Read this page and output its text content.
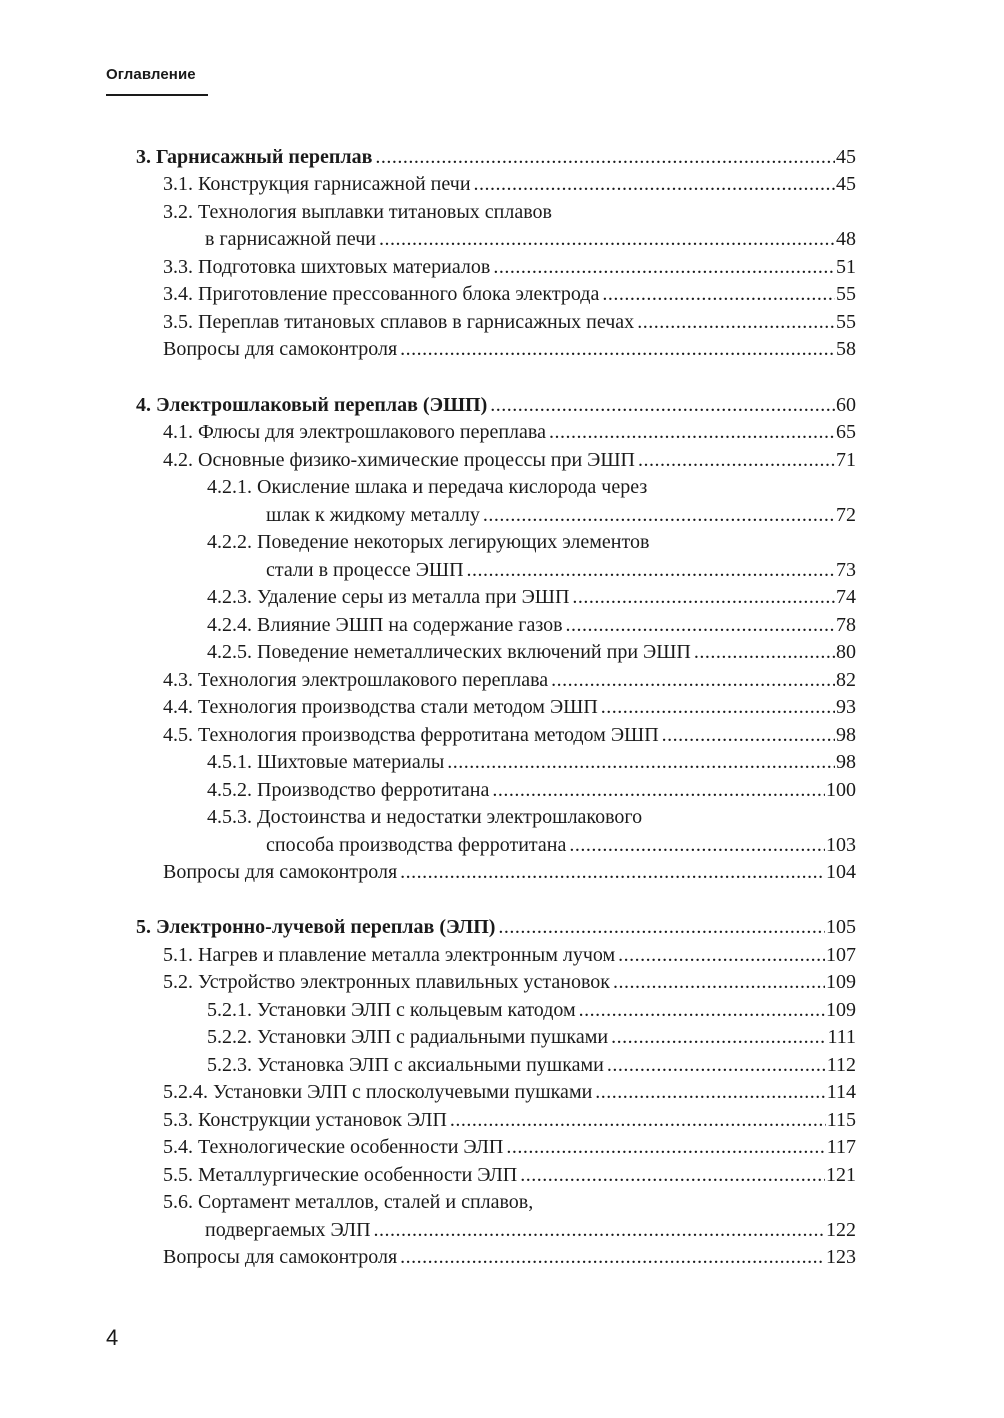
Оглавление
3. Гарнисажный переплав .....	45
3.1. Конструкция гарнисажной печи .....	45
3.2. Технология выплавки титановых сплавов
в гарнисажной печи .....	48
3.3. Подготовка шихтовых материалов .....	51
3.4. Приготовление прессованного блока электрода .....	55
3.5. Переплав титановых сплавов в гарнисажных печах .....	55
Вопросы для самоконтроля .....	58
4. Электрошлаковый переплав (ЭШП) .....	60
4.1. Флюсы для электрошлакового переплава .....	65
4.2. Основные физико-химические процессы при ЭШП .....	71
4.2.1. Окисление шлака и передача кислорода через
шлак к жидкому металлу .....	72
4.2.2. Поведение некоторых легирующих элементов
стали в процессе ЭШП .....	73
4.2.3. Удаление серы из металла при ЭШП .....	74
4.2.4. Влияние ЭШП на содержание газов .....	78
4.2.5. Поведение неметаллических включений при ЭШП .....	80
4.3. Технология электрошлакового переплава .....	82
4.4. Технология производства стали методом ЭШП .....	93
4.5. Технология производства ферротитана методом ЭШП .....	98
4.5.1. Шихтовые материалы .....	98
4.5.2. Производство ферротитана .....	100
4.5.3. Достоинства и недостатки электрошлакового
способа производства ферротитана .....	103
Вопросы для самоконтроля .....	104
5. Электронно-лучевой переплав (ЭЛП) .....	105
5.1. Нагрев и плавление металла электронным лучом .....	107
5.2. Устройство электронных плавильных установок .....	109
5.2.1. Установки ЭЛП с кольцевым катодом .....	109
5.2.2. Установки ЭЛП с радиальными пушками .....	111
5.2.3. Установка ЭЛП с аксиальными пушками .....	112
5.2.4. Установки ЭЛП с плосколучевыми пушками .....	114
5.3. Конструкции установок ЭЛП .....	115
5.4. Технологические особенности ЭЛП .....	117
5.5. Металлургические особенности ЭЛП .....	121
5.6. Сортамент металлов, сталей и сплавов,
подвергаемых ЭЛП .....	122
Вопросы для самоконтроля .....	123
4
